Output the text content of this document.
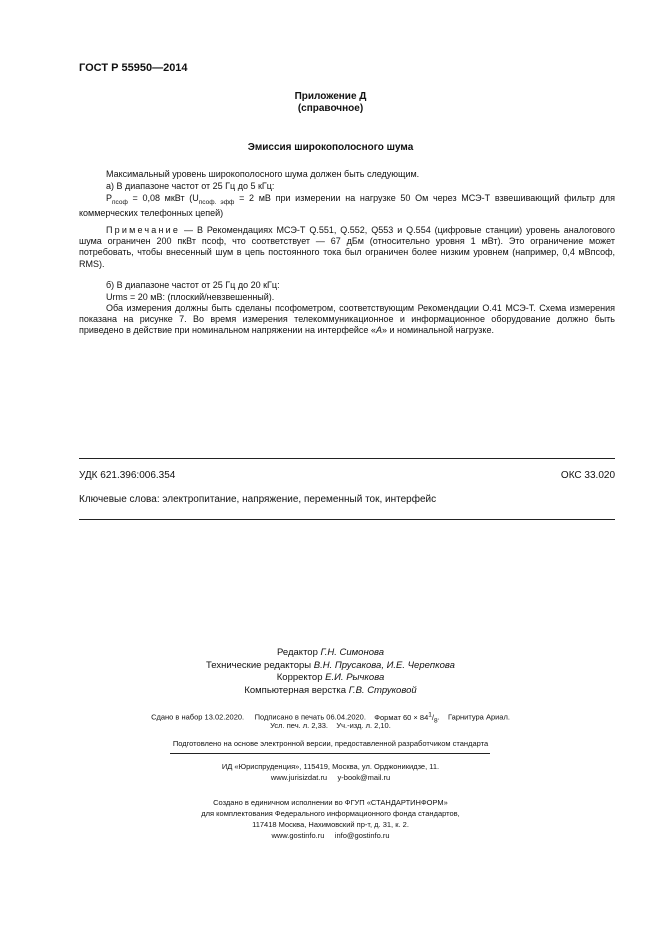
ГОСТ Р 55950—2014
Приложение Д
(справочное)
Эмиссия широкополосного шума
Максимальный уровень широкополосного шума должен быть следующим.
а) В диапазоне частот от 25 Гц до 5 кГц:
$P_{псоф} = 0,08$ мкВт ($U_{псоф. эфф} = 2$ мВ при измерении на нагрузке 50 Ом через МСЭ-Т взвешивающий фильтр для коммерческих телефонных цепей)
Примечание — В Рекомендациях МСЭ-Т Q.551, Q.552, Q553 и Q.554 (цифровые станции) уровень аналогового шума ограничен 200 пкВт псоф, что соответствует — 67 дБм (относительно уровня 1 мВт). Это ограничение может потребовать, чтобы внесенный шум в цепь постоянного тока был ограничен более низким уровнем (например, 0,4 мВпсоф, RMS).
б) В диапазоне частот от 25 Гц до 20 кГц:
Urms = 20 мВ: (плоский/невзвешенный).
Оба измерения должны быть сделаны псофометром, соответствующим Рекомендации О.41 МСЭ-Т. Схема измерения показана на рисунке 7. Во время измерения телекоммуникационное и информационное оборудование должно быть приведено в действие при номинальном напряжении на интерфейсе «A» и номинальной нагрузке.
УДК 621.396:006.354	ОКС 33.020
Ключевые слова: электропитание, напряжение, переменный ток, интерфейс
Редактор Г.Н. Симонова
Технические редакторы В.Н. Прусакова, И.Е. Черепкова
Корректор Е.И. Рычкова
Компьютерная верстка Г.В. Струковой
Сдано в набор 13.02.2020. Подписано в печать 06.04.2020. Формат $60 \times 84^1/_8$.    Гарнитура Ариал.
Усл. печ. л. 2,33.    Уч.-изд. л. 2,10.
Подготовлено на основе электронной версии, предоставленной разработчиком стандарта
ИД «Юриспруденция», 115419, Москва, ул. Орджоникидзе, 11.
www.jurisizdat.ru     y-book@mail.ru
Создано в единичном исполнении во ФГУП «СТАНДАРТИНФОРМ»
для комплектования Федерального информационного фонда стандартов,
117418 Москва, Нахимовский пр-т, д. 31, к. 2.
www.gostinfo.ru     info@gostinfo.ru
